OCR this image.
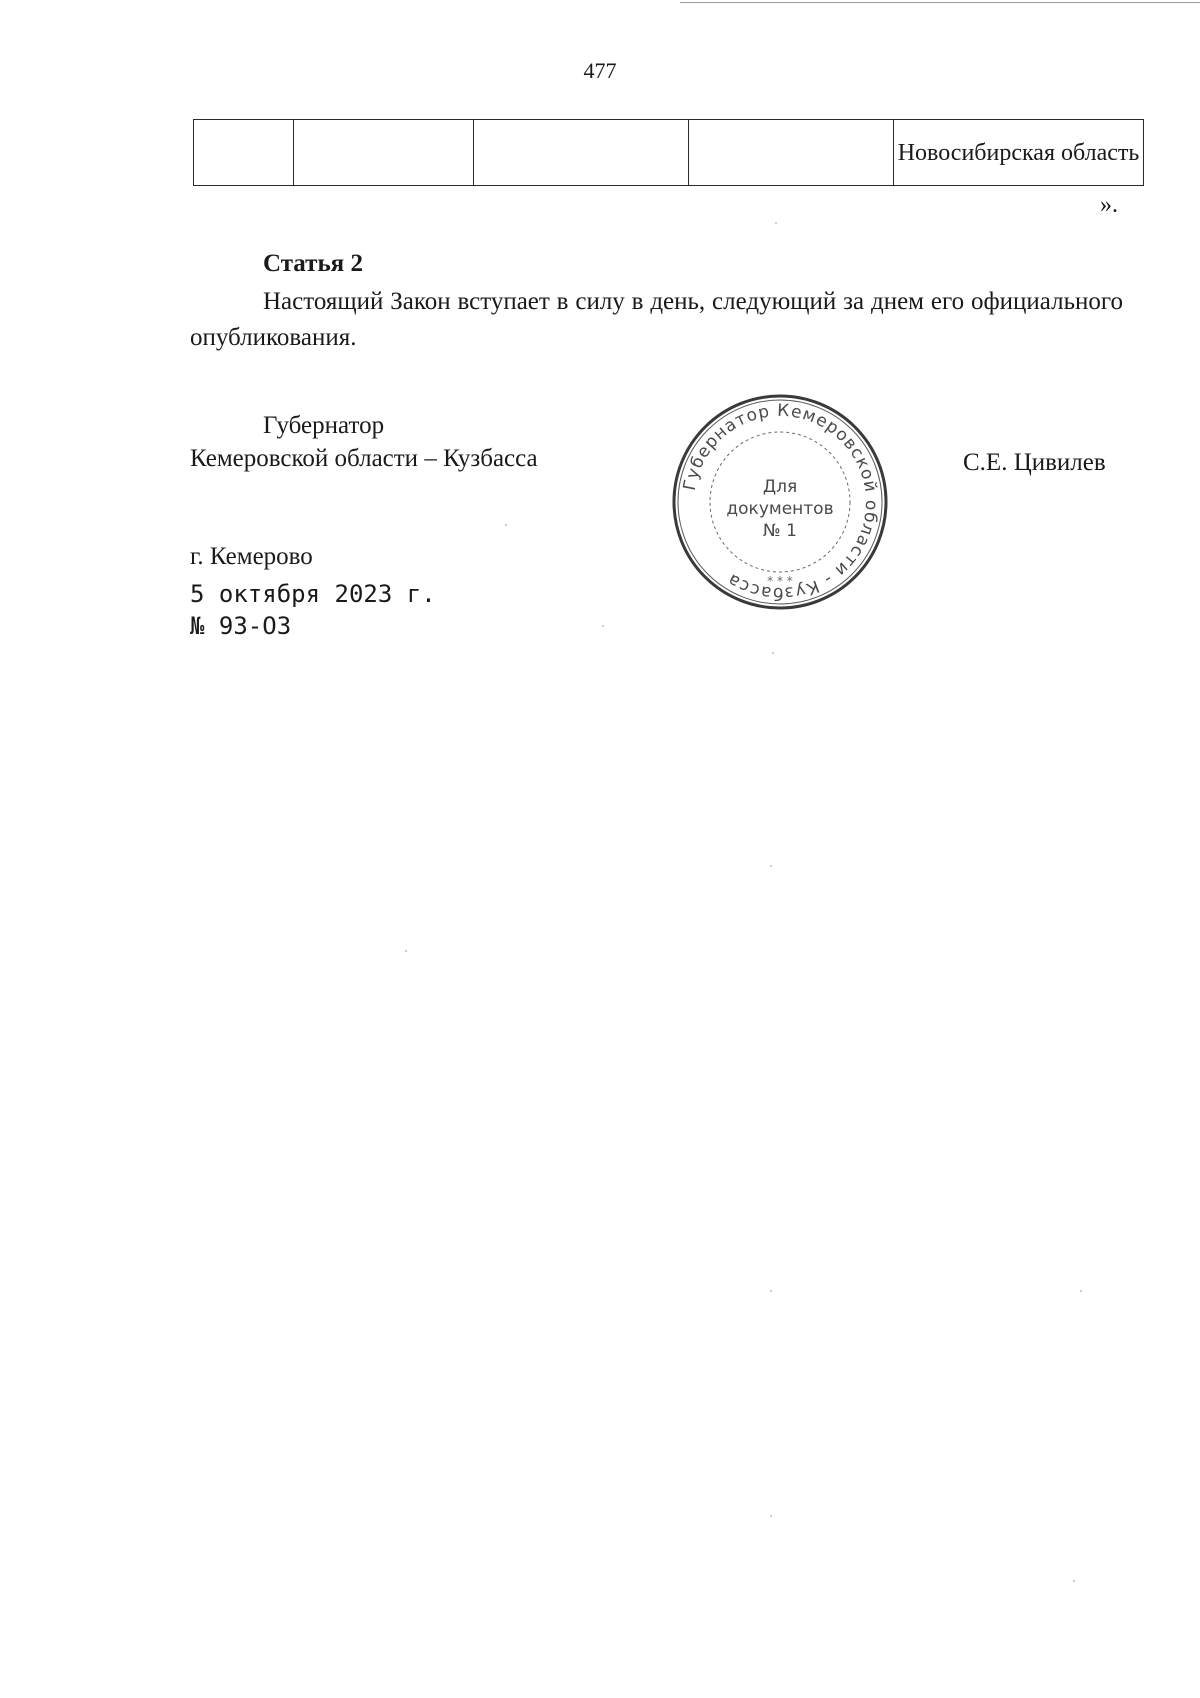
477
				Новосибирская область
».
Статья 2
Настоящий Закон вступает в силу в день, следующий за днем его официального опубликования.
Губернатор
Кемеровской области – Кузбасса	С.Е. Цивилев
Губернатор Кемеровской области - Кузбасса
Для
документов
№ 1
* * *
г. Кемерово
5 октября 2023 г.
№ 93-ОЗ
